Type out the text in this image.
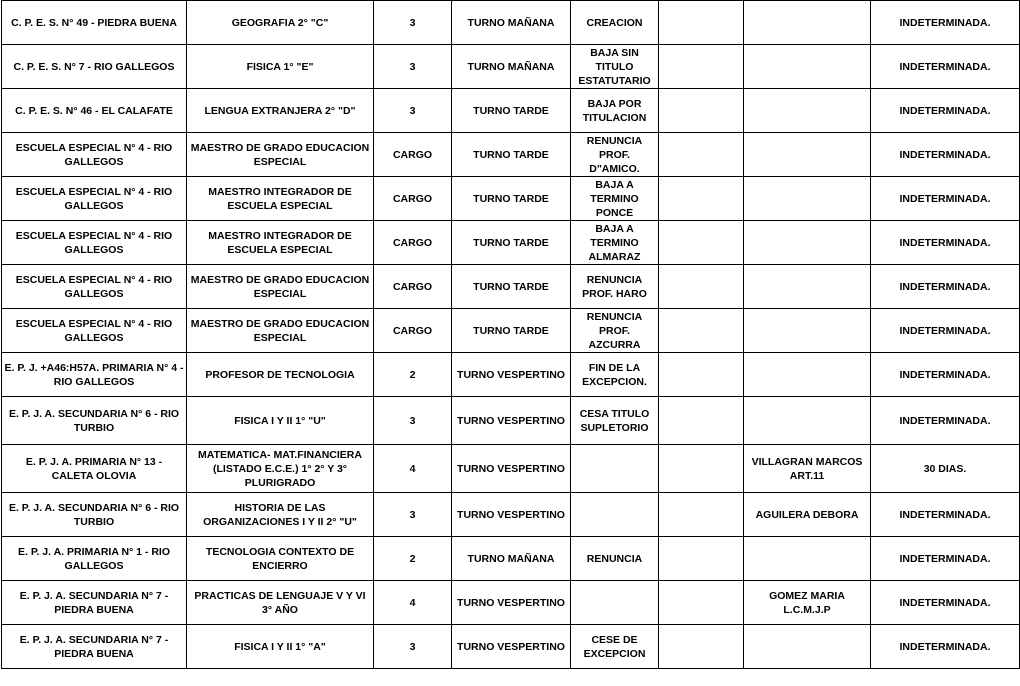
C. P. E. S. N° 49 - PIEDRA BUENA	GEOGRAFIA 2° "C"	3	TURNO MAÑANA	CREACION			INDETERMINADA.
C. P. E. S. N° 7 - RIO GALLEGOS	FISICA 1° "E"	3	TURNO MAÑANA	BAJA SIN TITULO ESTATUTARIO			INDETERMINADA.
C. P. E. S. N° 46 - EL CALAFATE	LENGUA EXTRANJERA 2° "D"	3	TURNO TARDE	BAJA POR TITULACION			INDETERMINADA.
ESCUELA ESPECIAL N° 4 - RIO GALLEGOS	MAESTRO DE GRADO EDUCACION ESPECIAL	CARGO	TURNO TARDE	RENUNCIA PROF. D"AMICO.			INDETERMINADA.
ESCUELA ESPECIAL N° 4 - RIO GALLEGOS	MAESTRO INTEGRADOR DE ESCUELA ESPECIAL	CARGO	TURNO TARDE	BAJA A TERMINO PONCE			INDETERMINADA.
ESCUELA ESPECIAL N° 4 - RIO GALLEGOS	MAESTRO INTEGRADOR DE ESCUELA ESPECIAL	CARGO	TURNO TARDE	BAJA A TERMINO ALMARAZ			INDETERMINADA.
ESCUELA ESPECIAL N° 4 - RIO GALLEGOS	MAESTRO DE GRADO EDUCACION ESPECIAL	CARGO	TURNO TARDE	RENUNCIA PROF. HARO			INDETERMINADA.
ESCUELA ESPECIAL N° 4 - RIO GALLEGOS	MAESTRO DE GRADO EDUCACION ESPECIAL	CARGO	TURNO TARDE	RENUNCIA PROF. AZCURRA			INDETERMINADA.
E. P. J. +A46:H57A. PRIMARIA N° 4 - RIO GALLEGOS	PROFESOR DE TECNOLOGIA	2	TURNO VESPERTINO	FIN DE LA EXCEPCION.			INDETERMINADA.
E. P. J. A. SECUNDARIA N° 6 - RIO TURBIO	FISICA I Y II 1° "U"	3	TURNO VESPERTINO	CESA TITULO SUPLETORIO			INDETERMINADA.
E. P. J. A. PRIMARIA N° 13 - CALETA OLOVIA	MATEMATICA- MAT.FINANCIERA (LISTADO E.C.E.) 1° 2° Y 3° PLURIGRADO	4	TURNO VESPERTINO			VILLAGRAN MARCOS ART.11	30 DIAS.
E. P. J. A. SECUNDARIA N° 6 - RIO TURBIO	HISTORIA DE LAS ORGANIZACIONES I Y II 2° "U"	3	TURNO VESPERTINO			AGUILERA DEBORA	INDETERMINADA.
E. P. J. A. PRIMARIA N° 1 - RIO GALLEGOS	TECNOLOGIA CONTEXTO DE ENCIERRO	2	TURNO MAÑANA	RENUNCIA			INDETERMINADA.
E. P. J. A. SECUNDARIA N° 7 - PIEDRA BUENA	PRACTICAS DE LENGUAJE V Y VI 3° AÑO	4	TURNO VESPERTINO			GOMEZ MARIA L.C.M.J.P	INDETERMINADA.
E. P. J. A. SECUNDARIA N° 7 - PIEDRA BUENA	FISICA I Y II 1° "A"	3	TURNO VESPERTINO	CESE DE EXCEPCION			INDETERMINADA.
